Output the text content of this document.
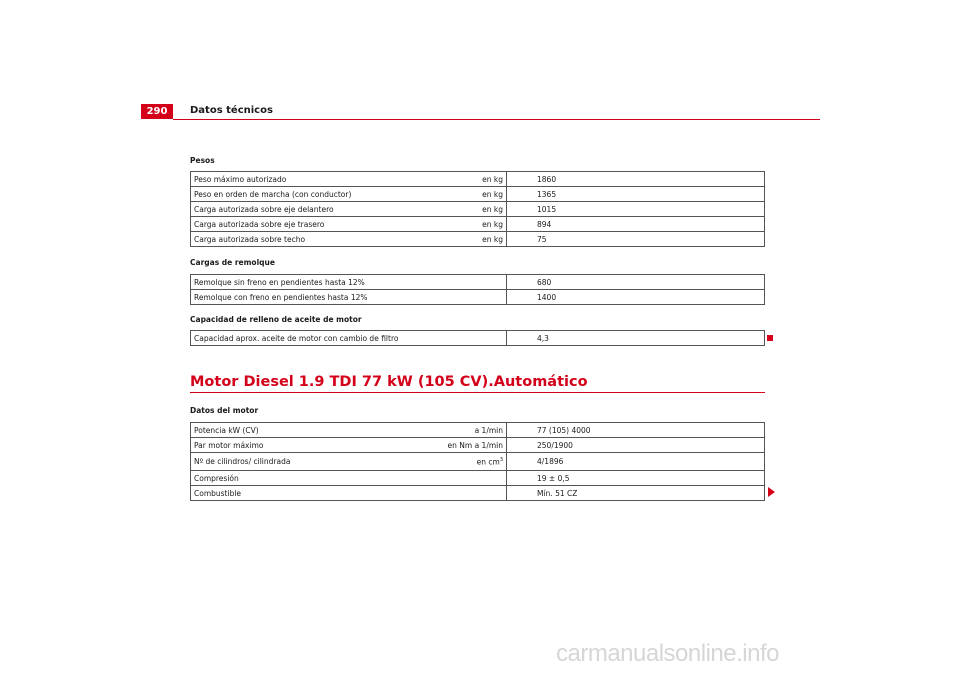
290	Datos técnicos
Pesos
Peso máximo autorizado	en kg	1860
Peso en orden de marcha (con conductor)	en kg	1365
Carga autorizada sobre eje delantero	en kg	1015
Carga autorizada sobre eje trasero	en kg	894
Carga autorizada sobre techo	en kg	75
Cargas de remolque
Remolque sin freno en pendientes hasta 12%		680
Remolque con freno en pendientes hasta 12%		1400
Capacidad de relleno de aceite de motor
Capacidad aprox. aceite de motor con cambio de filtro		4,3
Motor Diesel 1.9 TDI 77 kW (105 CV).Automático
Datos del motor
Potencia kW (CV)	a 1/min	77 (105) 4000
Par motor máximo	en Nm a 1/min	250/1900
Nº de cilindros/ cilindrada	en $cm^3$	4/1896
Compresión		19 ± 0,5
Combustible		Mín. 51 CZ
carmanualsonline.info
